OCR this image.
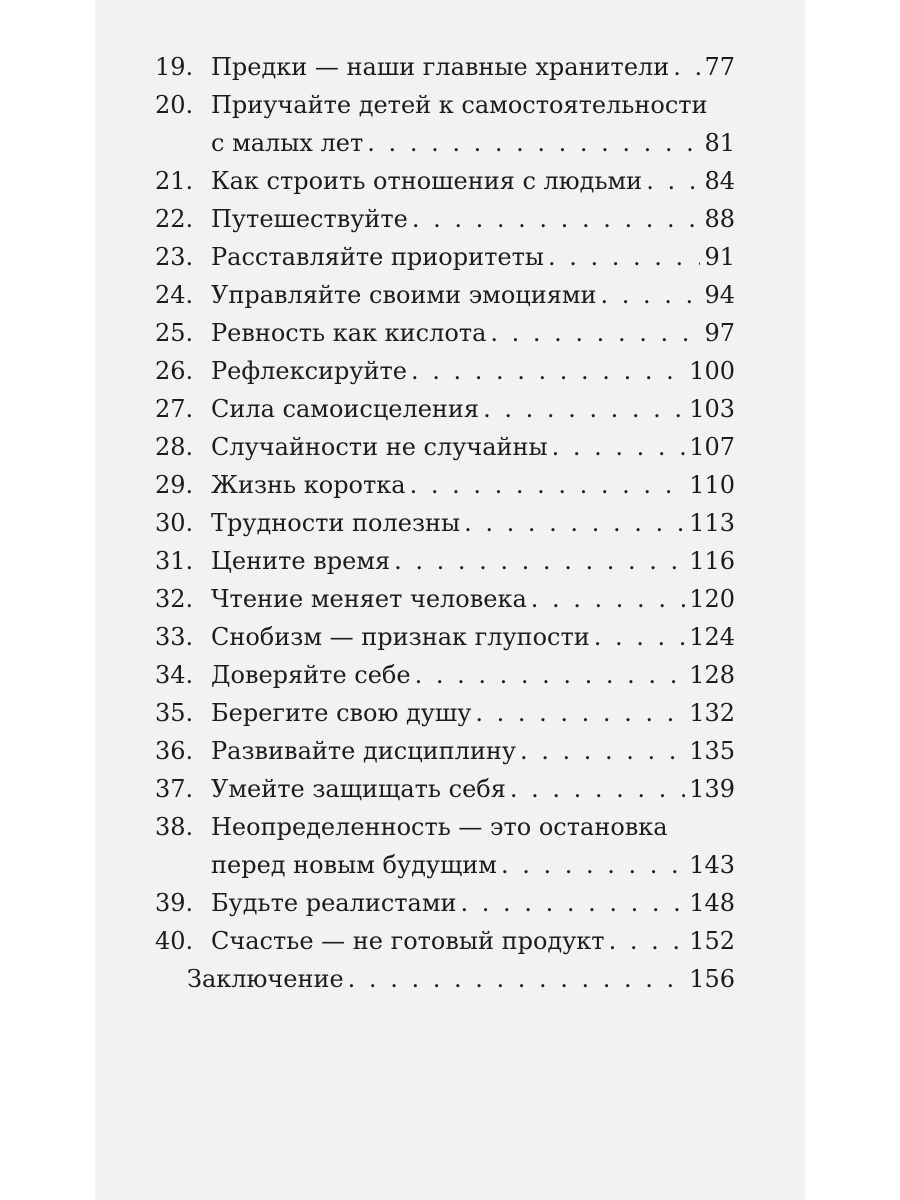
19. Предки — наши главные хранители . . . 77
20. Приучайте детей к самостоятельности
с малых лет . . .	81
21. Как строить отношения с людьми . . .	84
22. Путешествуйте . . .	88
23. Расставляйте приоритеты . . .	91
24. Управляйте своими эмоциями . . .	94
25. Ревность как кислота . . .	97
26. Рефлексируйте . . .	100
27. Сила самоисцеления . . .	103
28. Случайности не случайны . . .	107
29. Жизнь коротка . . .	110
30. Трудности полезны . . .	113
31. Цените время . . .	116
32. Чтение меняет человека . . .	120
33. Снобизм — признак глупости . . .	124
34. Доверяйте себе . . .	128
35. Берегите свою душу . . .	132
36. Развивайте дисциплину . . .	135
37. Умейте защищать себя . . .	139
38. Неопределенность — это остановка
перед новым будущим . . .	143
39. Будьте реалистами . . .	148
40. Счастье — не готовый продукт . . .	152
Заключение . . .	156
